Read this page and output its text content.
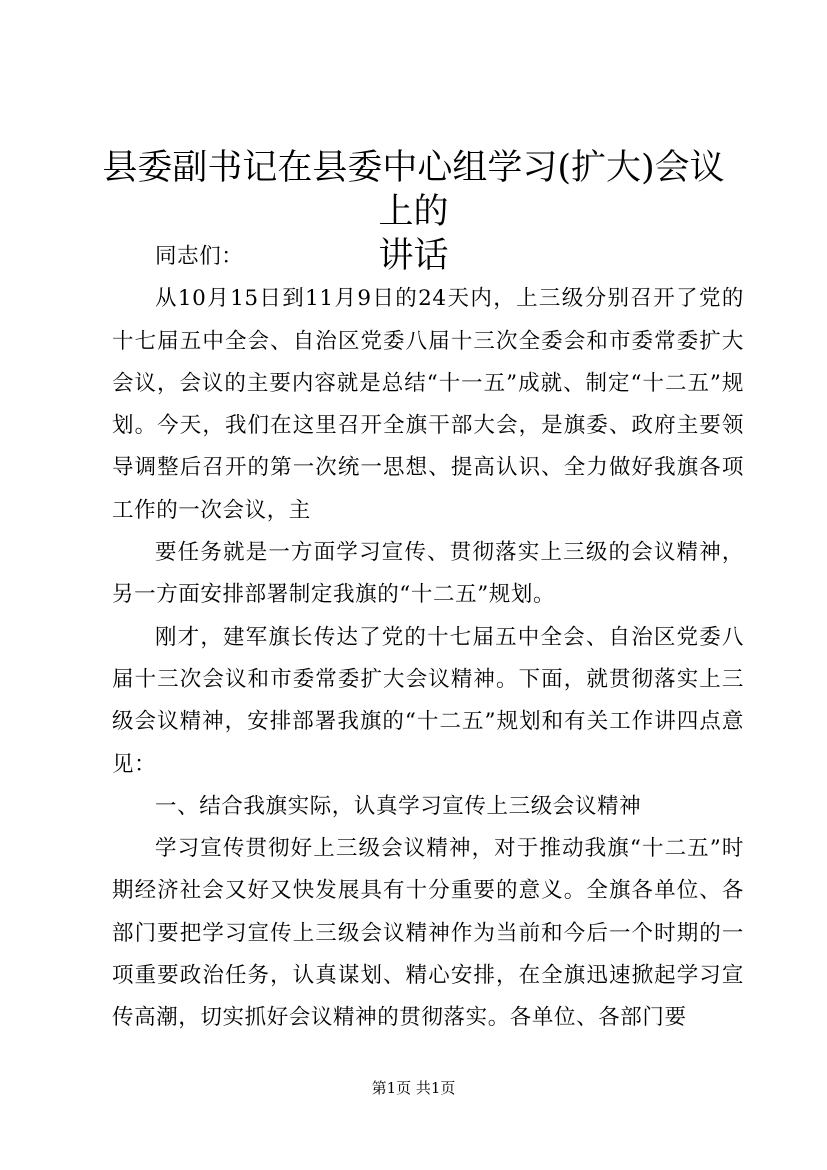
县委副书记在县委中心组学习(扩大)会议上的
讲话

同志们：

从10月15日到11月9日的24天内，上三级分别召开了党的十七届五中全会、自治区党委八届十三次全委会和市委常委扩大会议，会议的主要内容就是总结“十一五”成就、制定“十二五”规划。今天，我们在这里召开全旗干部大会，是旗委、政府主要领导调整后召开的第一次统一思想、提高认识、全力做好我旗各项工作的一次会议，主

要任务就是一方面学习宣传、贯彻落实上三级的会议精神，另一方面安排部署制定我旗的“十二五”规划。

刚才，建军旗长传达了党的十七届五中全会、自治区党委八届十三次会议和市委常委扩大会议精神。下面，就贯彻落实上三级会议精神，安排部署我旗的“十二五”规划和有关工作讲四点意见：

一、结合我旗实际，认真学习宣传上三级会议精神

学习宣传贯彻好上三级会议精神，对于推动我旗“十二五”时期经济社会又好又快发展具有十分重要的意义。全旗各单位、各部门要把学习宣传上三级会议精神作为当前和今后一个时期的一项重要政治任务，认真谋划、精心安排，在全旗迅速掀起学习宣传高潮，切实抓好会议精神的贯彻落实。各单位、各部门要

第1页 共1页
